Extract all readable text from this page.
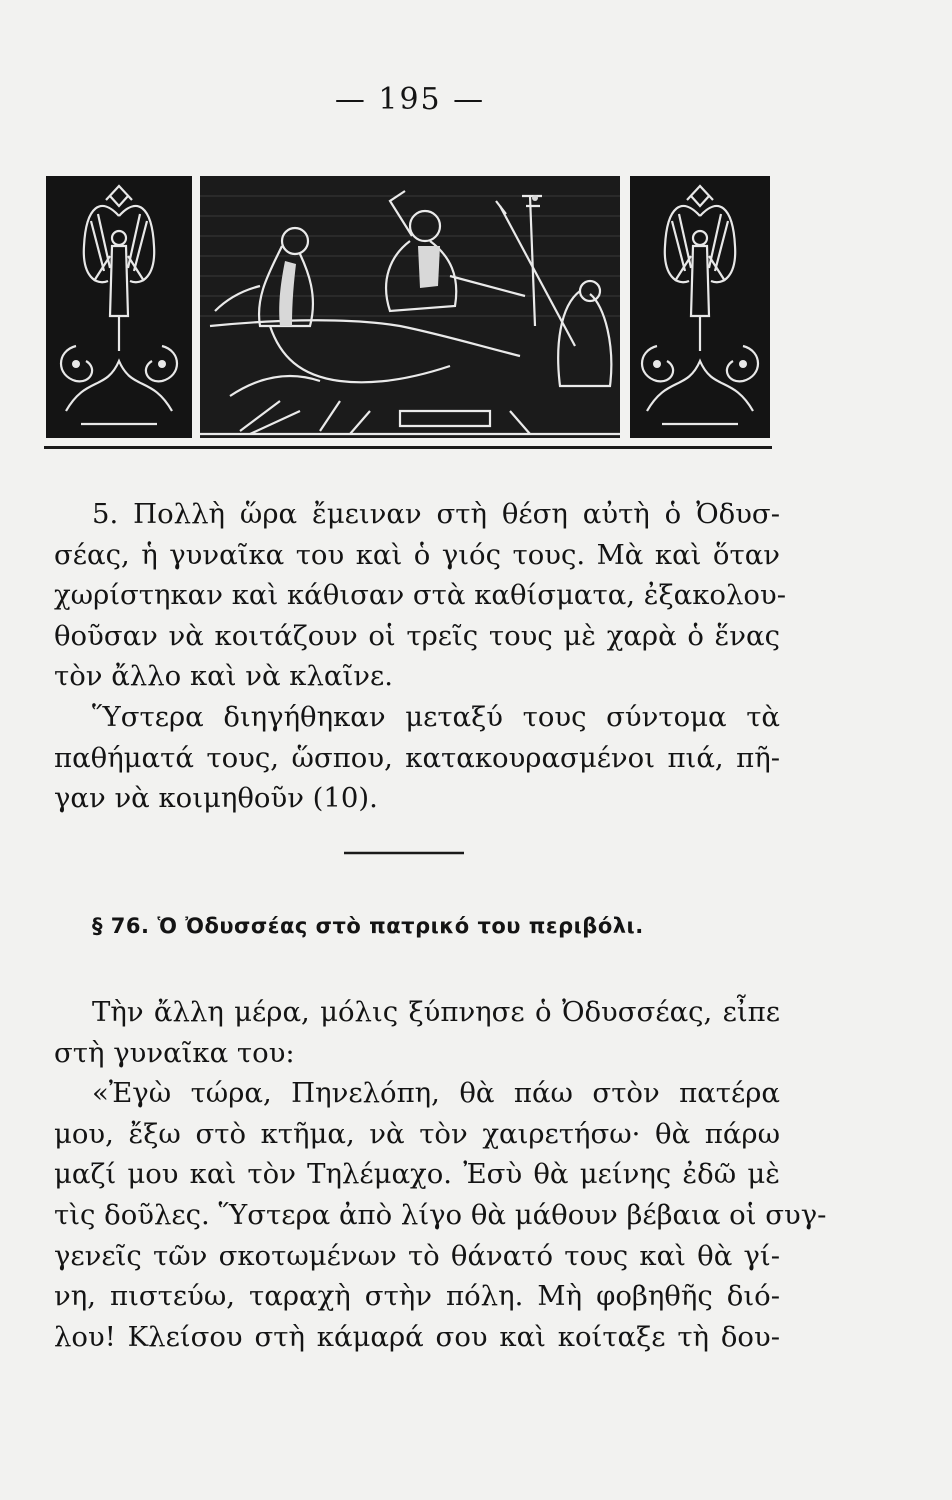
— 195 —
5. Πολλὴ ὥρα ἔμειναν στὴ θέση αὐτὴ ὁ Ὀδυσ-
σέας, ἡ γυναῖκα του καὶ ὁ γιός τους. Μὰ καὶ ὅταν
χωρίστηκαν καὶ κάθισαν στὰ καθίσματα, ἐξακολου-
θοῦσαν νὰ κοιτάζουν οἱ τρεῖς τους μὲ χαρὰ ὁ ἕνας
τὸν ἄλλο καὶ νὰ κλαῖνε.
Ὕστερα διηγήθηκαν μεταξύ τους σύντομα τὰ
παθήματά τους, ὥσπου, κατακουρασμένοι πιά, πῆ-
γαν νὰ κοιμηθοῦν (10).
§ 76. Ὁ Ὀδυσσέας στὸ πατρικό του περιβόλι.
Τὴν ἄλλη μέρα, μόλις ξύπνησε ὁ Ὀδυσσέας, εἶπε
στὴ γυναῖκα του:
«Ἐγὼ τώρα, Πηνελόπη, θὰ πάω στὸν πατέρα
μου, ἔξω στὸ κτῆμα, νὰ τὸν χαιρετήσω· θὰ πάρω
μαζί μου καὶ τὸν Τηλέμαχο. Ἐσὺ θὰ μείνης ἐδῶ μὲ
τὶς δοῦλες. Ὕστερα ἀπὸ λίγο θὰ μάθουν βέβαια οἱ συγ-
γενεῖς τῶν σκοτωμένων τὸ θάνατό τους καὶ θὰ γί-
νη, πιστεύω, ταραχὴ στὴν πόλη. Μὴ φοβηθῆς διό-
λου! Κλείσου στὴ κάμαρά σου καὶ κοίταξε τὴ δου-
